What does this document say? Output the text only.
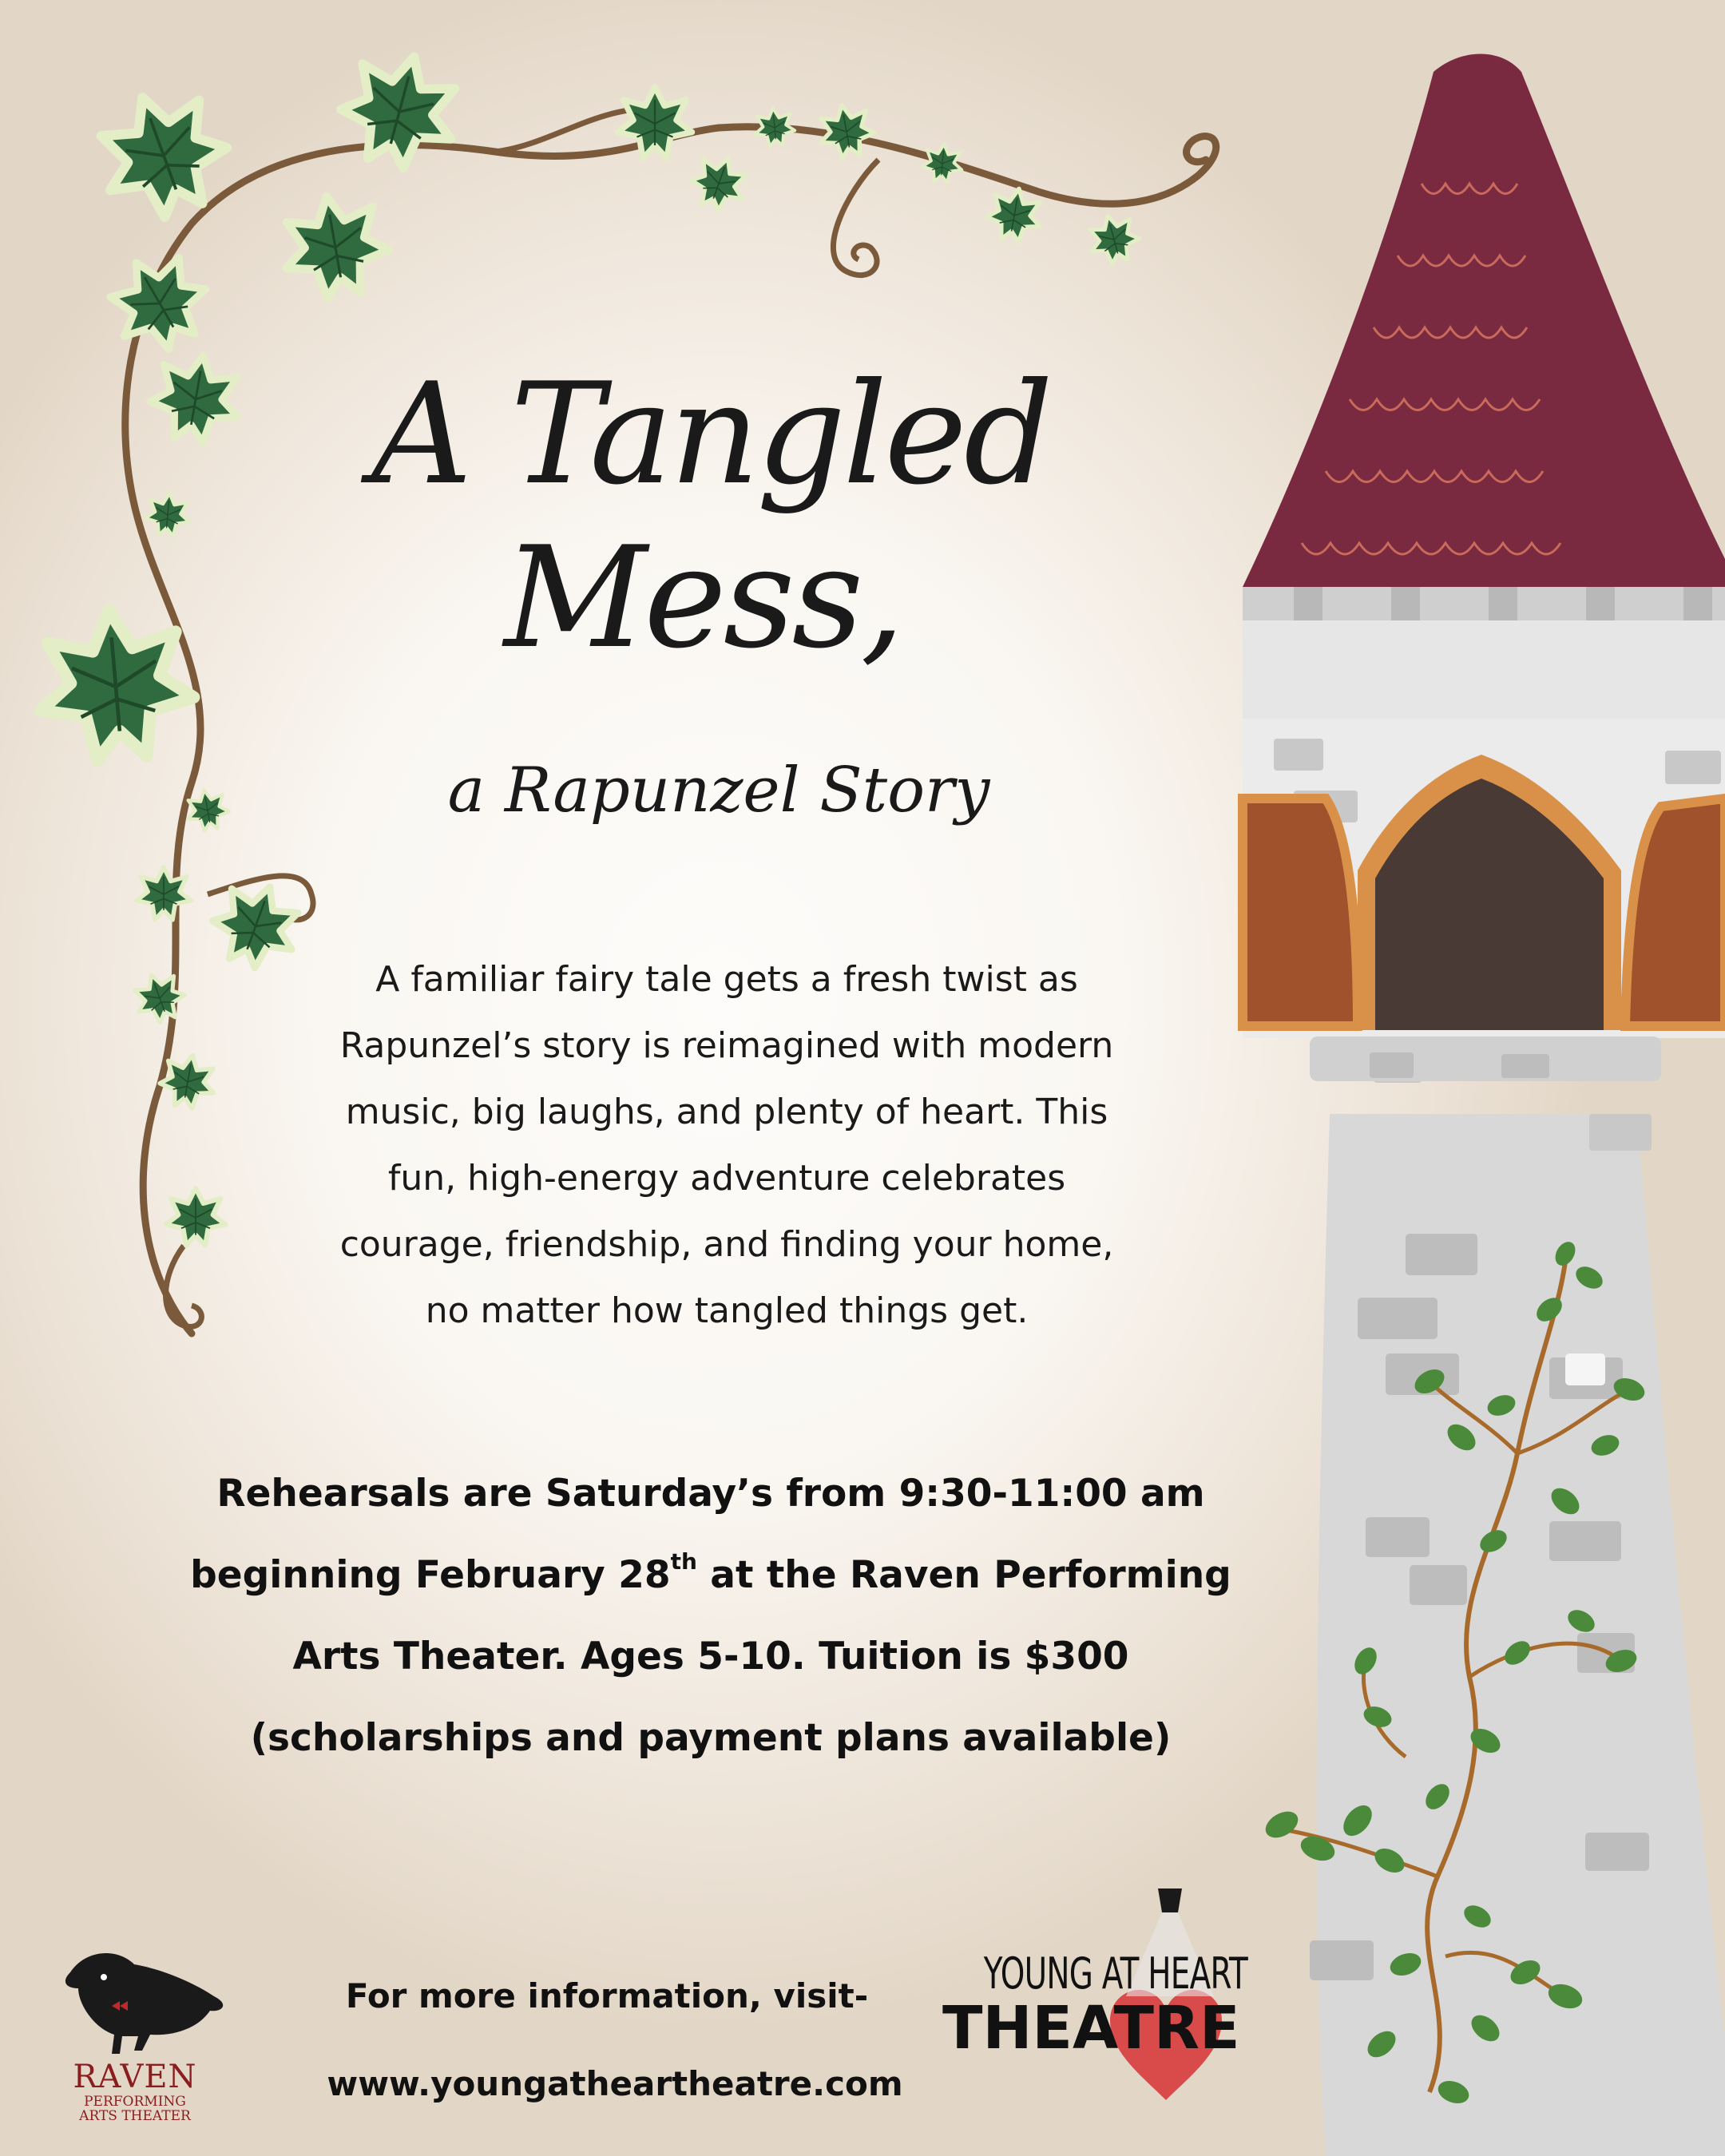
A Tangled
Mess,
a Rapunzel Story
A familiar fairy tale gets a fresh twist as
Rapunzel’s story is reimagined with modern
music, big laughs, and plenty of heart. This
fun, high-energy adventure celebrates
courage, friendship, and finding your home,
no matter how tangled things get.
Rehearsals are Saturday’s from 9:30-11:00 am
beginning February 28th at the Raven Performing
Arts Theater. Ages 5-10. Tuition is $300
(scholarships and payment plans available)
For more information, visit-
www.youngatheartheatre.com
RAVEN
PERFORMING
ARTS THEATER
YOUNG AT HEART
THEATRE
